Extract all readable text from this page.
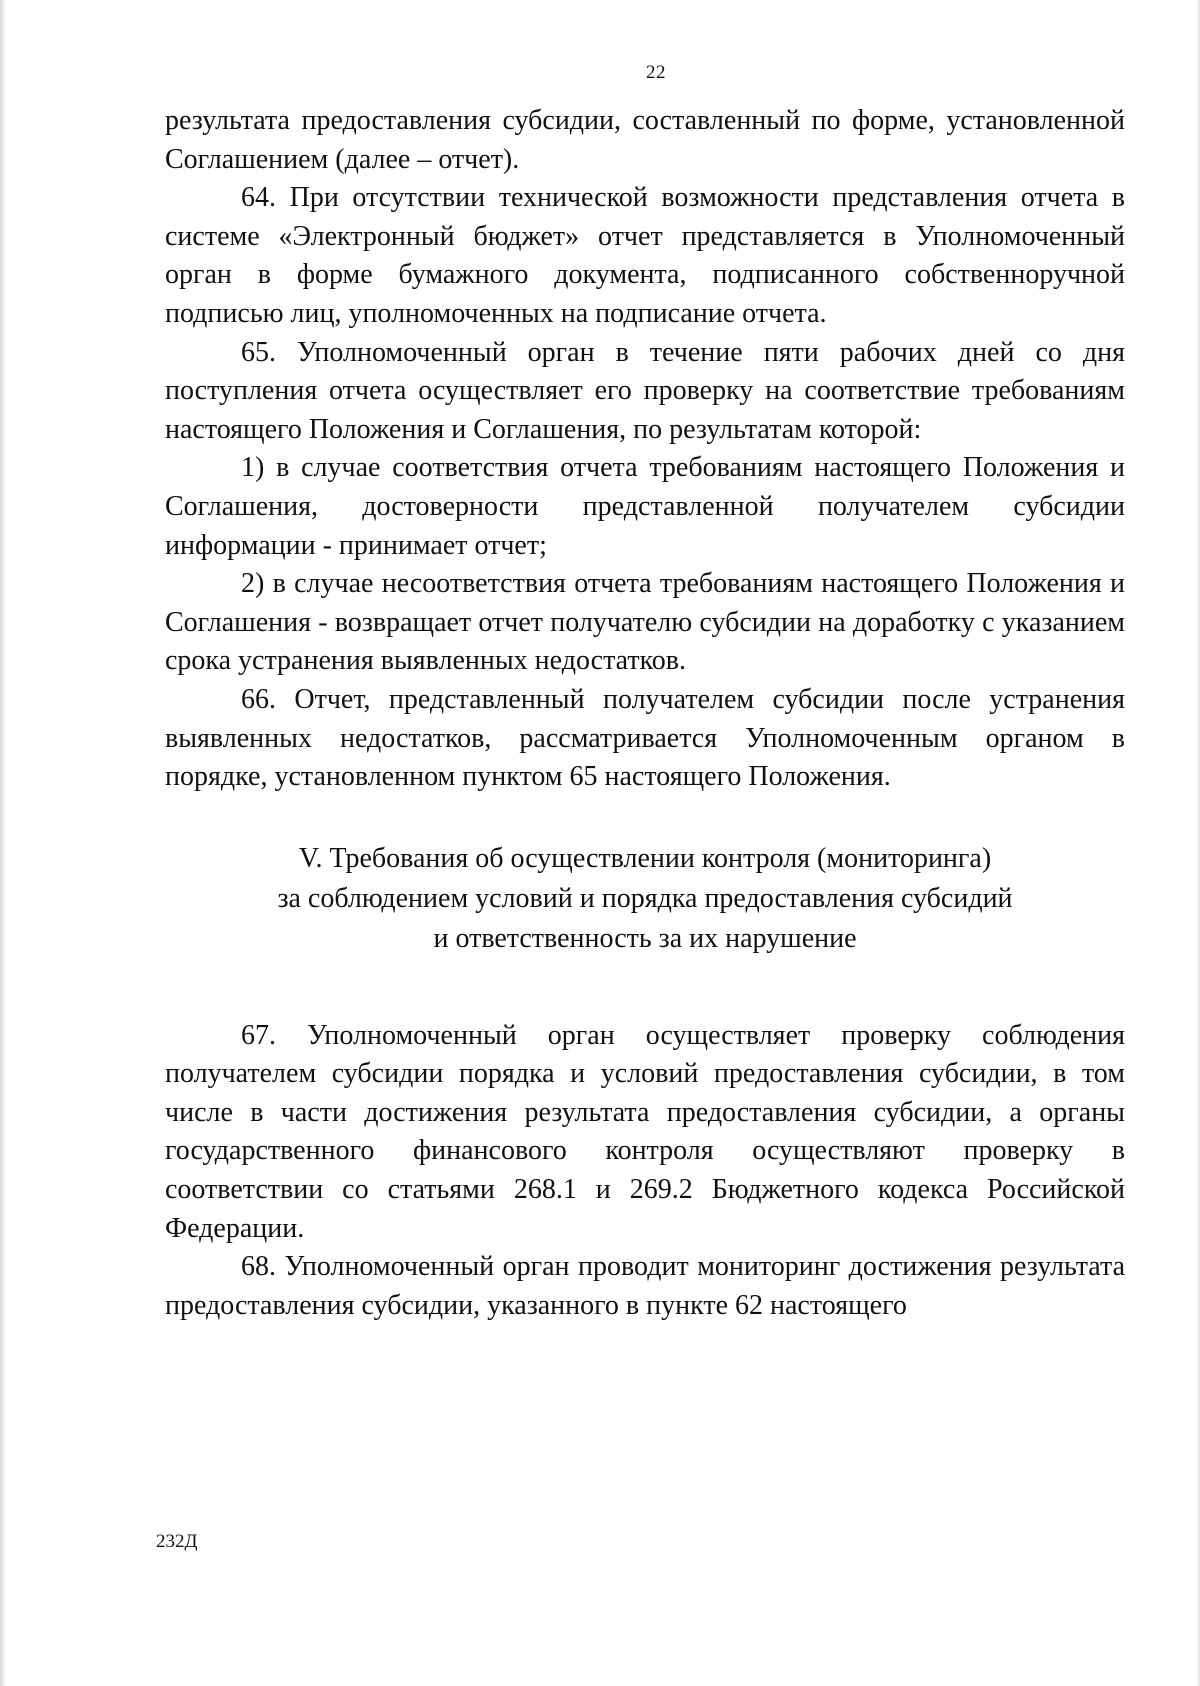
22

результата предоставления субсидии, составленный по форме, установленной Соглашением (далее – отчет).

64. При отсутствии технической возможности представления отчета в системе «Электронный бюджет» отчет представляется в Уполномоченный орган в форме бумажного документа, подписанного собственноручной подписью лиц, уполномоченных на подписание отчета.

65. Уполномоченный орган в течение пяти рабочих дней со дня поступления отчета осуществляет его проверку на соответствие требованиям настоящего Положения и Соглашения, по результатам которой:

1) в случае соответствия отчета требованиям настоящего Положения и Соглашения, достоверности представленной получателем субсидии информации - принимает отчет;

2) в случае несоответствия отчета требованиям настоящего Положения и Соглашения - возвращает отчет получателю субсидии на доработку с указанием срока устранения выявленных недостатков.

66. Отчет, представленный получателем субсидии после устранения выявленных недостатков, рассматривается Уполномоченным органом в порядке, установленном пунктом 65 настоящего Положения.

V. Требования об осуществлении контроля (мониторинга)
за соблюдением условий и порядка предоставления субсидий
и ответственность за их нарушение

67. Уполномоченный орган осуществляет проверку соблюдения получателем субсидии порядка и условий предоставления субсидии, в том числе в части достижения результата предоставления субсидии, а органы государственного финансового контроля осуществляют проверку в соответствии со статьями 268.1 и 269.2 Бюджетного кодекса Российской Федерации.

68. Уполномоченный орган проводит мониторинг достижения результата предоставления субсидии, указанного в пункте 62 настоящего

232Д
